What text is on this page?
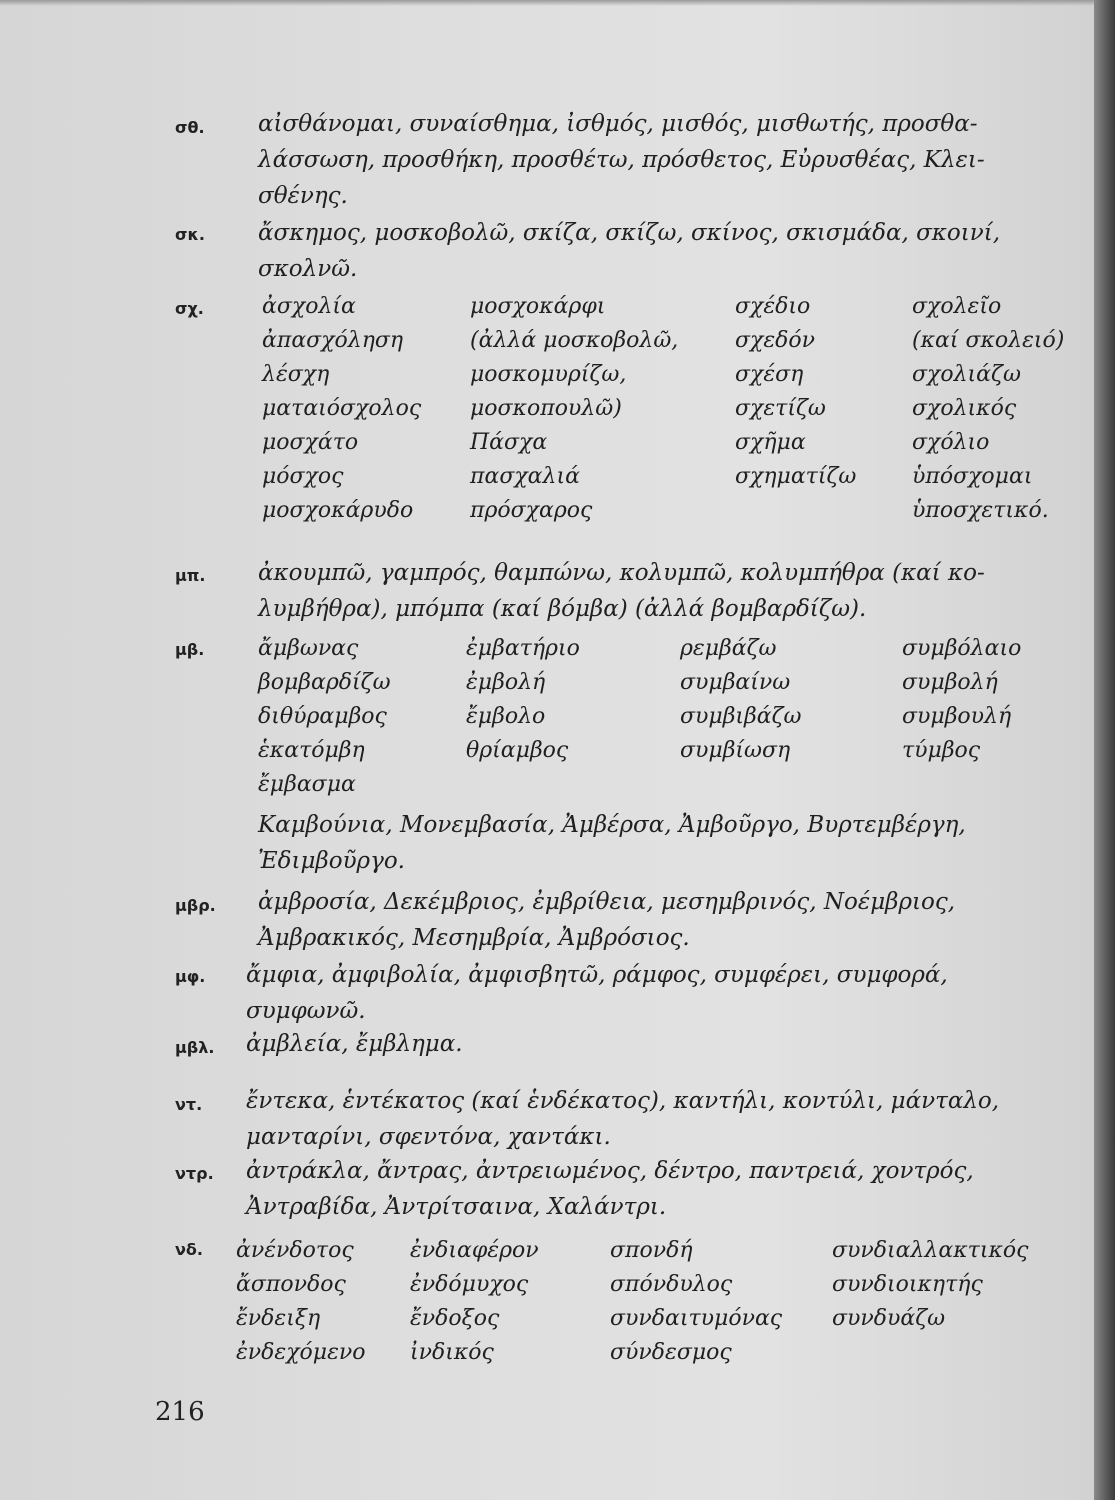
σθ. αἰσθάνομαι, συναίσθημα, ἰσθμός, μισθός, μισθωτής, προσθα-
λάσσωση, προσθήκη, προσθέτω, πρόσθετος, Εὐρυσθέας, Κλει-
σθένης.
σκ. ἄσκημος, μοσκοβολῶ, σκίζα, σκίζω, σκίνος, σκισμάδα, σκοινί,
σκολνῶ.
σχ.	ἀσχολία
ἀπασχόληση
λέσχη
ματαιόσχολος
μοσχάτο
μόσχος
μοσχοκάρυδο
μοσχοκάρφι
(ἀλλά μοσκοβολῶ,
μοσκομυρίζω,
μοσκοπουλῶ)
Πάσχα
πασχαλιά
πρόσχαρος
σχέδιο
σχεδόν
σχέση
σχετίζω
σχῆμα
σχηματίζω
σχολεῖο
(καί σκολειό)
σχολιάζω
σχολικός
σχόλιο
ὑπόσχομαι
ὑποσχετικό.
μπ. ἀκουμπῶ, γαμπρός, θαμπώνω, κολυμπῶ, κολυμπήθρα (καί κο-
λυμβήθρα), μπόμπα (καί βόμβα) (ἀλλά βομβαρδίζω).
μβ. ἄμβωνας
βομβαρδίζω
διθύραμβος
ἑκατόμβη
ἔμβασμα
ἐμβατήριο
ἐμβολή
ἔμβολο
θρίαμβος
ρεμβάζω
συμβαίνω
συμβιβάζω
συμβίωση
συμβόλαιο
συμβολή
συμβουλή
τύμβος
Καμβούνια, Μονεμβασία, Ἀμβέρσα, Ἀμβοῦργο, Βυρτεμβέργη,
Ἐδιμβοῦργο.
μβρ. ἀμβροσία, Δεκέμβριος, ἐμβρίθεια, μεσημβρινός, Νοέμβριος,
Ἀμβρακικός, Μεσημβρία, Ἀμβρόσιος.
μφ. ἄμφια, ἀμφιβολία, ἀμφισβητῶ, ράμφος, συμφέρει, συμφορά,
συμφωνῶ.
μβλ. ἀμβλεία, ἔμβλημα.
ντ. ἔντεκα, ἑντέκατος (καί ἑνδέκατος), καντήλι, κοντύλι, μάνταλο,
μανταρίνι, σφεντόνα, χαντάκι.
ντρ. ἀντράκλα, ἄντρας, ἀντρειωμένος, δέντρο, παντρειά, χοντρός,
Ἀντραβίδα, Ἀντρίτσαινα, Χαλάντρι.
νδ. ἀνένδοτος
ἄσπονδος
ἔνδειξη
ἐνδεχόμενο
ἐνδιαφέρον
ἐνδόμυχος
ἔνδοξος
ἰνδικός
σπονδή
σπόνδυλος
συνδαιτυμόνας
σύνδεσμος
συνδιαλλακτικός
συνδιοικητής
συνδυάζω
216
